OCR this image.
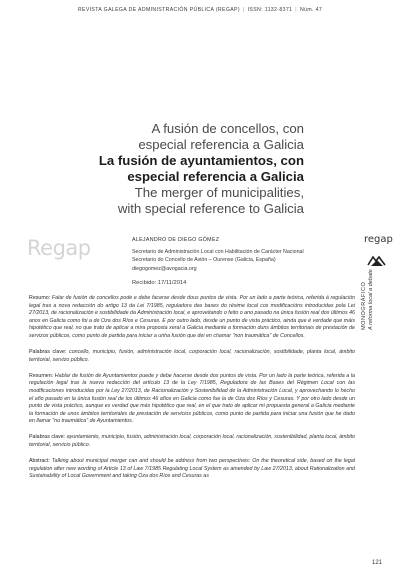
REVISTA GALEGA DE ADMINISTRACIÓN PÚBLICA (REGAP) | ISSN: 1132-8371 | Núm. 47
A fusión de concellos, con
especial referencia a Galicia
La fusión de ayuntamientos, con
especial referencia a Galicia
The merger of municipalities,
with special reference to Galicia
Regap	ALEJANDRO DE DIEGO GÓMEZ
Secretario de Administración Local con Habilitación de Carácter Nacional
Secretario do Concello de Avión – Ourense (Galicia, España)
diegogomez@avogacia.org
Recibido: 17/11/2014
regap
MONOGRÁFICO A reforma local a debate

Resumo: Falar de fusión de concellos pode e debe facerse desde dous puntos de vista. Por un lado a parte teórica, referida á regulación legal tras a nova redacción do artigo 13 da Lei 7/1985, reguladora das bases do réxime local cos modificacións introducidas pola Lei 27/2013, de racionalización e sostibilidade da Administración local, e aproveitando o feito o ano pasado na única fusión real dos últimos 46 anos en Galicia como foi a de Oza dos Ríos e Cesuras. E por outro lado, desde un punto de vista práctico, ainda que é verdade que máis hipotético que real, no que trato de aplicar a mira proposta xeral a Galicia mediante a formación duns ámbitos territoriais de prestación de servizos públicos, como punto de partida para iniciar a unha fusión que dei en chamar "non traumática" de Concellos.

Palabras clave: concello, municipio, fusión, administración local, corporación local, racionalización, sostibilidade, planta local, ámbito territorial, servizo público.

Resumen: Hablar de fusión de Ayuntamientos puede y debe hacerse desde dos puntos de vista. Por un lado la parte teórica, referida a la regulación legal tras la nueva redacción del artículo 13 de la Ley 7/1985, Reguladora de las Bases del Régimen Local con las modificaciones introducidas por la Ley 27/2013, de Racionalización y Sostenibilidad de la Administración Local, y aprovechando lo hecho el año pasado en la única fusión real de los últimos 46 años en Galicia como fue la de Oza dos Ríos y Cesuras. Y por otro lado desde un punto de vista práctico, aunque es verdad que más hipotético que real, en el que trato de aplicar mi propuesta general a Galicia mediante la formación de unos ámbitos territoriales de prestación de servicios públicos, como punto de partida para iniciar una fusión que he dado en llamar "no traumática" de Ayuntamientos.

Palabras clave: ayuntamiento, municipio, fusión, administración local, corporación local, racionalización, sostenibilidad, planta local, ámbito territorial, servicio público.

Abstract: Talking about municipal merger can and should be address from two perspectives: On the theoretical side, based on the legal regulation after new wording of Article 13 of Law 7/1985 Regulating Local System as amended by Law 27/2013, about Rationalization and Sustainability of Local Government and taking Oza dos Ríos and Cesuras as

121
